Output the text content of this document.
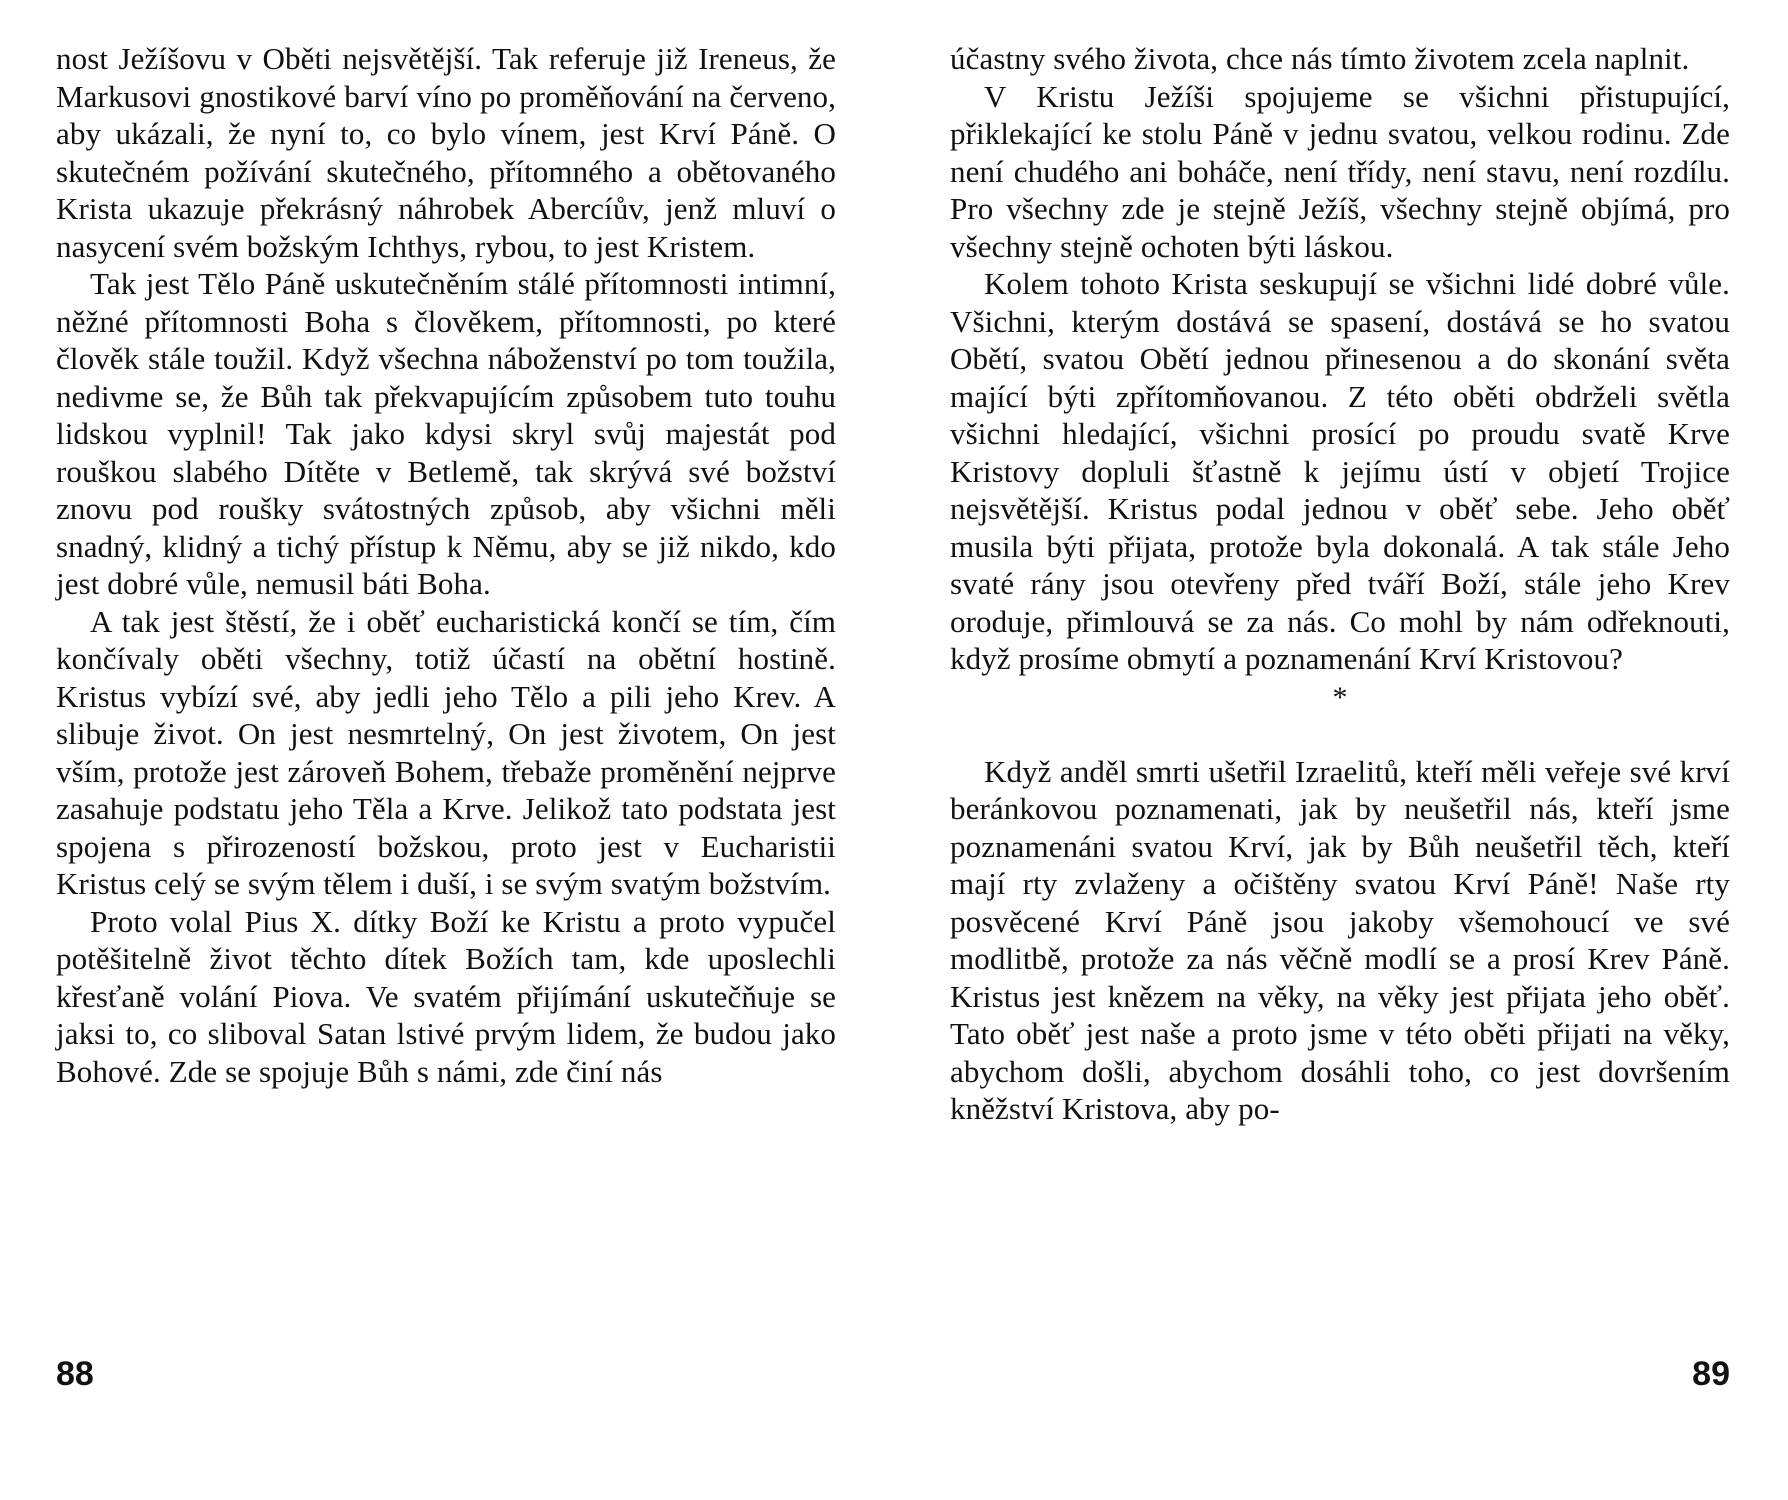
nost Ježíšovu v Oběti nejsvětější. Tak referuje již Ireneus, že Markusovi gnostikové barví víno po proměňování na červeno, aby ukázali, že nyní to, co bylo vínem, jest Krví Páně. O skutečném požívání skutečného, přítomného a obětovaného Krista ukazuje překrásný náhrobek Abercíův, jenž mluví o nasycení svém božským Ichthys, rybou, to jest Kristem.

Tak jest Tělo Páně uskutečněním stálé přítomnosti intimní, něžné přítomnosti Boha s člověkem, přítomnosti, po které člověk stále toužil. Když všechna náboženství po tom toužila, nedivme se, že Bůh tak překvapujícím způsobem tuto touhu lidskou vyplnil! Tak jako kdysi skryl svůj majestát pod rouškou slabého Dítěte v Betlemě, tak skrývá své božství znovu pod roušky svátostných způsob, aby všichni měli snadný, klidný a tichý přístup k Němu, aby se již nikdo, kdo jest dobré vůle, nemusil báti Boha.

A tak jest štěstí, že i oběť eucharistická končí se tím, čím končívaly oběti všechny, totiž účastí na obětní hostině. Kristus vybízí své, aby jedli jeho Tělo a pili jeho Krev. A slibuje život. On jest nesmrtelný, On jest životem, On jest vším, protože jest zároveň Bohem, třebaže proměnění nejprve zasahuje podstatu jeho Těla a Krve. Jelikož tato podstata jest spojena s přirozeností božskou, proto jest v Eucharistii Kristus celý se svým tělem i duší, i se svým svatým božstvím.

Proto volal Pius X. dítky Boží ke Kristu a proto vypučel potěšitelně život těchto dítek Božích tam, kde uposlechli křesťaně volání Piova. Ve svatém přijímání uskutečňuje se jaksi to, co sliboval Satan lstivé prvým lidem, že budou jako Bohové. Zde se spojuje Bůh s námi, zde činí nás

88

účastny svého života, chce nás tímto životem zcela naplnit.

V Kristu Ježíši spojujeme se všichni přistupující, přiklekající ke stolu Páně v jednu svatou, velkou rodinu. Zde není chudého ani boháče, není třídy, není stavu, není rozdílu. Pro všechny zde je stejně Ježíš, všechny stejně objímá, pro všechny stejně ochoten býti láskou.

Kolem tohoto Krista seskupují se všichni lidé dobré vůle. Všichni, kterým dostává se spasení, dostává se ho svatou Obětí, svatou Obětí jednou přinesenou a do skonání světa mající býti zpřítomňovanou. Z této oběti obdrželi světla všichni hledající, všichni prosící po proudu svatě Krve Kristovy dopluli šťastně k jejímu ústí v objetí Trojice nejsvětější. Kristus podal jednou v oběť sebe. Jeho oběť musila býti přijata, protože byla dokonalá. A tak stále Jeho svaté rány jsou otevřeny před tváří Boží, stále jeho Krev oroduje, přimlouvá se za nás. Co mohl by nám odřeknouti, když prosíme obmytí a poznamenání Krví Kristovou?

*

Když anděl smrti ušetřil Izraelitů, kteří měli veřeje své krví beránkovou poznamenati, jak by neušetřil nás, kteří jsme poznamenáni svatou Krví, jak by Bůh neušetřil těch, kteří mají rty zvlaženy a očištěny svatou Krví Páně! Naše rty posvěcené Krví Páně jsou jakoby všemohoucí ve své modlitbě, protože za nás věčně modlí se a prosí Krev Páně. Kristus jest knězem na věky, na věky jest přijata jeho oběť. Tato oběť jest naše a proto jsme v této oběti přijati na věky, abychom došli, abychom dosáhli toho, co jest dovršením kněžství Kristova, aby po-

89
